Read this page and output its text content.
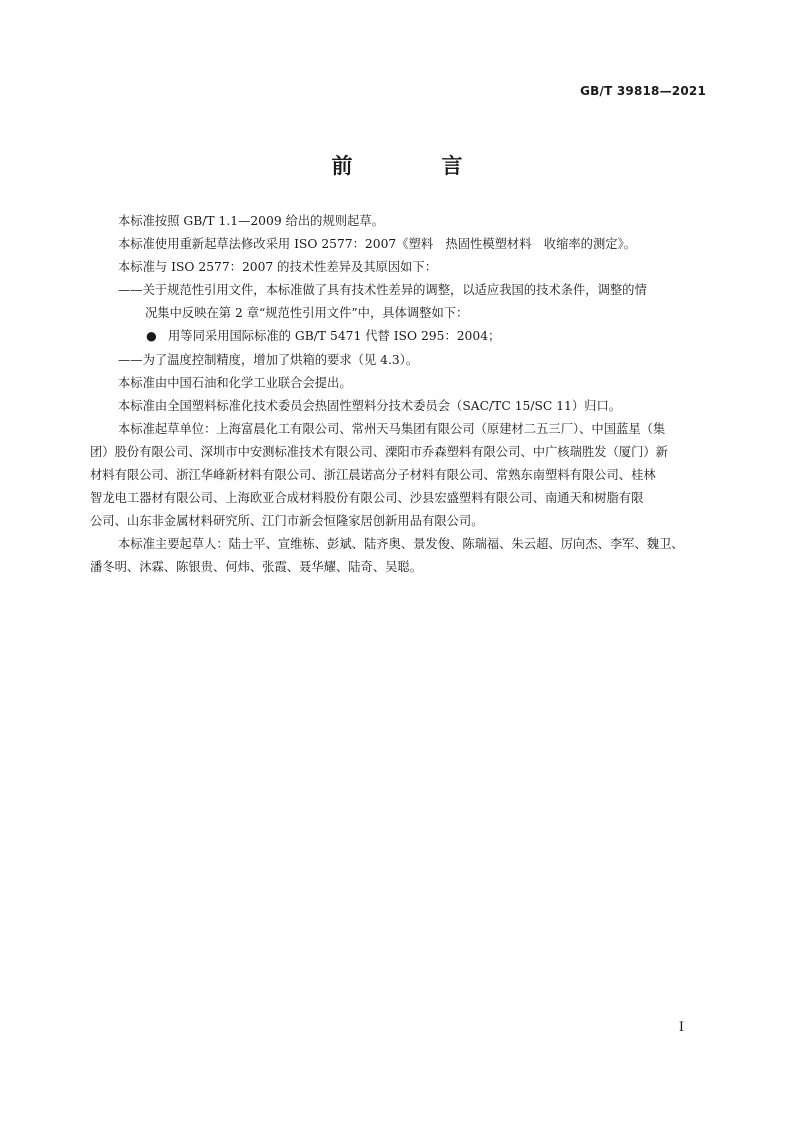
GB/T 39818—2021
前　言
本标准按照 GB/T 1.1—2009 给出的规则起草。
本标准使用重新起草法修改采用 ISO 2577：2007《塑料　热固性模塑材料　收缩率的测定》。
本标准与 ISO 2577：2007 的技术性差异及其原因如下：
——关于规范性引用文件，本标准做了具有技术性差异的调整，以适应我国的技术条件，调整的情
况集中反映在第 2 章“规范性引用文件”中，具体调整如下：
● 用等同采用国际标准的 GB/T 5471 代替 ISO 295：2004；
——为了温度控制精度，增加了烘箱的要求（见 4.3）。
本标准由中国石油和化学工业联合会提出。
本标准由全国塑料标准化技术委员会热固性塑料分技术委员会（SAC/TC 15/SC 11）归口。
本标准起草单位：上海富晨化工有限公司、常州天马集团有限公司（原建材二五三厂）、中国蓝星（集
团）股份有限公司、深圳市中安测标准技术有限公司、溧阳市乔森塑料有限公司、中广核瑞胜发（厦门）新
材料有限公司、浙江华峰新材料有限公司、浙江晨诺高分子材料有限公司、常熟东南塑料有限公司、桂林
智龙电工器材有限公司、上海欧亚合成材料股份有限公司、沙县宏盛塑料有限公司、南通天和树脂有限
公司、山东非金属材料研究所、江门市新会恒隆家居创新用品有限公司。
本标准主要起草人：陆士平、宣维栋、彭斌、陆齐奥、景发俊、陈瑞福、朱云超、厉向杰、李军、魏卫、
潘冬明、沐霖、陈银贵、何炜、张霞、聂华耀、陆奇、吴聪。
I
